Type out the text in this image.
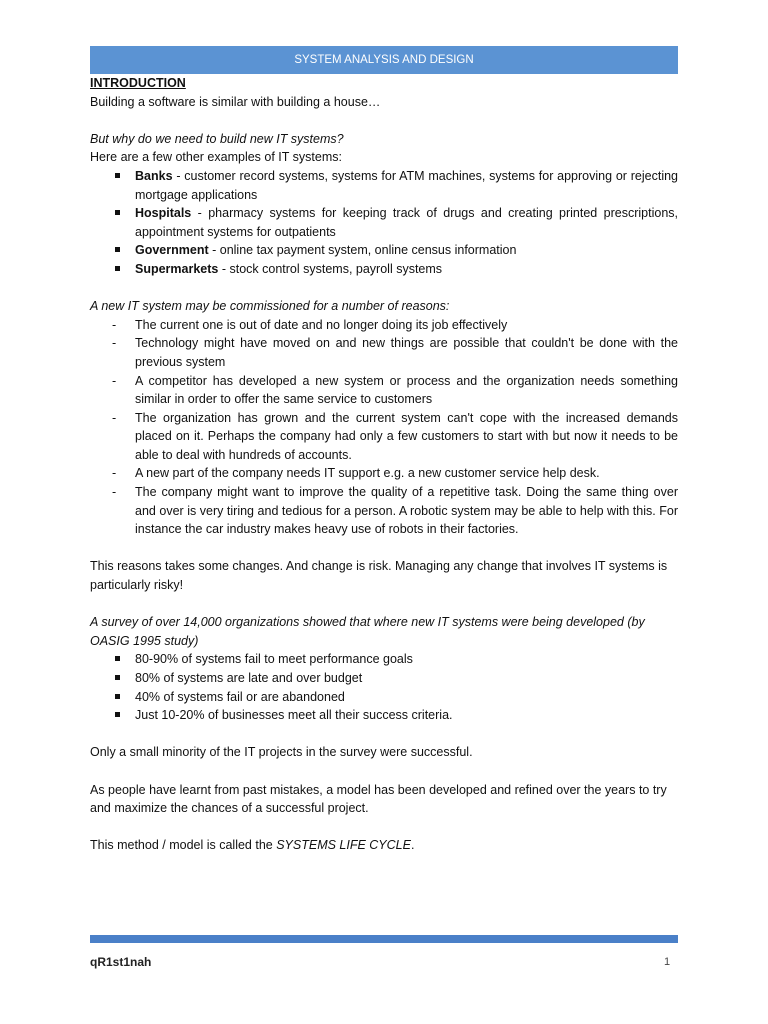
SYSTEM ANALYSIS AND DESIGN

INTRODUCTION

Building a software is similar with building a house…

But why do we need to build new IT systems?

Here are a few other examples of IT systems:

Banks - customer record systems, systems for ATM machines, systems for approving or rejecting mortgage applications
Hospitals - pharmacy systems for keeping track of drugs and creating printed prescriptions, appointment systems for outpatients
Government - online tax payment system, online census information
Supermarkets - stock control systems, payroll systems

A new IT system may be commissioned for a number of reasons:

- The current one is out of date and no longer doing its job effectively
- Technology might have moved on and new things are possible that couldn't be done with the previous system
- A competitor has developed a new system or process and the organization needs something similar in order to offer the same service to customers
- The organization has grown and the current system can't cope with the increased demands placed on it. Perhaps the company had only a few customers to start with but now it needs to be able to deal with hundreds of accounts.
- A new part of the company needs IT support e.g. a new customer service help desk.
- The company might want to improve the quality of a repetitive task. Doing the same thing over and over is very tiring and tedious for a person. A robotic system may be able to help with this. For instance the car industry makes heavy use of robots in their factories.

This reasons takes some changes. And change is risk. Managing any change that involves IT systems is particularly risky!

A survey of over 14,000 organizations showed that where new IT systems were being developed (by OASIG 1995 study)

80-90% of systems fail to meet performance goals
80% of systems are late and over budget
40% of systems fail or are abandoned
Just 10-20% of businesses meet all their success criteria.

Only a small minority of the IT projects in the survey were successful.

As people have learnt from past mistakes, a model has been developed and refined over the years to try and maximize the chances of a successful project.

This method / model is called the SYSTEMS LIFE CYCLE.

qR1st1nah	1
